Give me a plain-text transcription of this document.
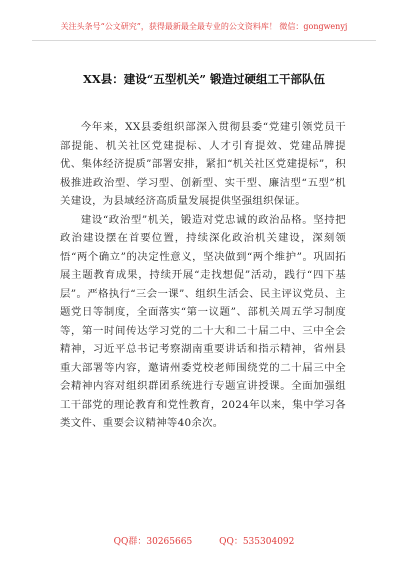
关注头条号“公文研究”，获得最新最全最专业的公文资料库！ 微信：gongwenyj
XX县：建设“五型机关” 锻造过硬组工干部队伍

今年来，XX县委组织部深入贯彻县委“党建引领党员干部提能、机关社区党建提标、人才引育提效、党建品牌提优、集体经济提质”部署安排，紧扣“机关社区党建提标”，积极推进政治型、学习型、创新型、实干型、廉洁型“五型”机关建设，为县域经济高质量发展提供坚强组织保证。

建设“政治型”机关，锻造对党忠诚的政治品格。坚持把政治建设摆在首要位置，持续深化政治机关建设，深刻领悟“两个确立”的决定性意义，坚决做到“两个维护”。巩固拓展主题教育成果，持续开展“走找想促”活动，践行“四下基层”。严格执行“三会一课”、组织生活会、民主评议党员、主题党日等制度，全面落实“第一议题”、部机关周五学习制度等，第一时间传达学习党的二十大和二十届二中、三中全会精神，习近平总书记考察湖南重要讲话和指示精神，省州县重大部署等内容，邀请州委党校老师围绕党的二十届三中全会精神内容对组织群团系统进行专题宣讲授课。全面加强组工干部党的理论教育和党性教育，2024年以来，集中学习各类文件、重要会议精神等40余次。

QQ群：30265665	QQ：535304092
